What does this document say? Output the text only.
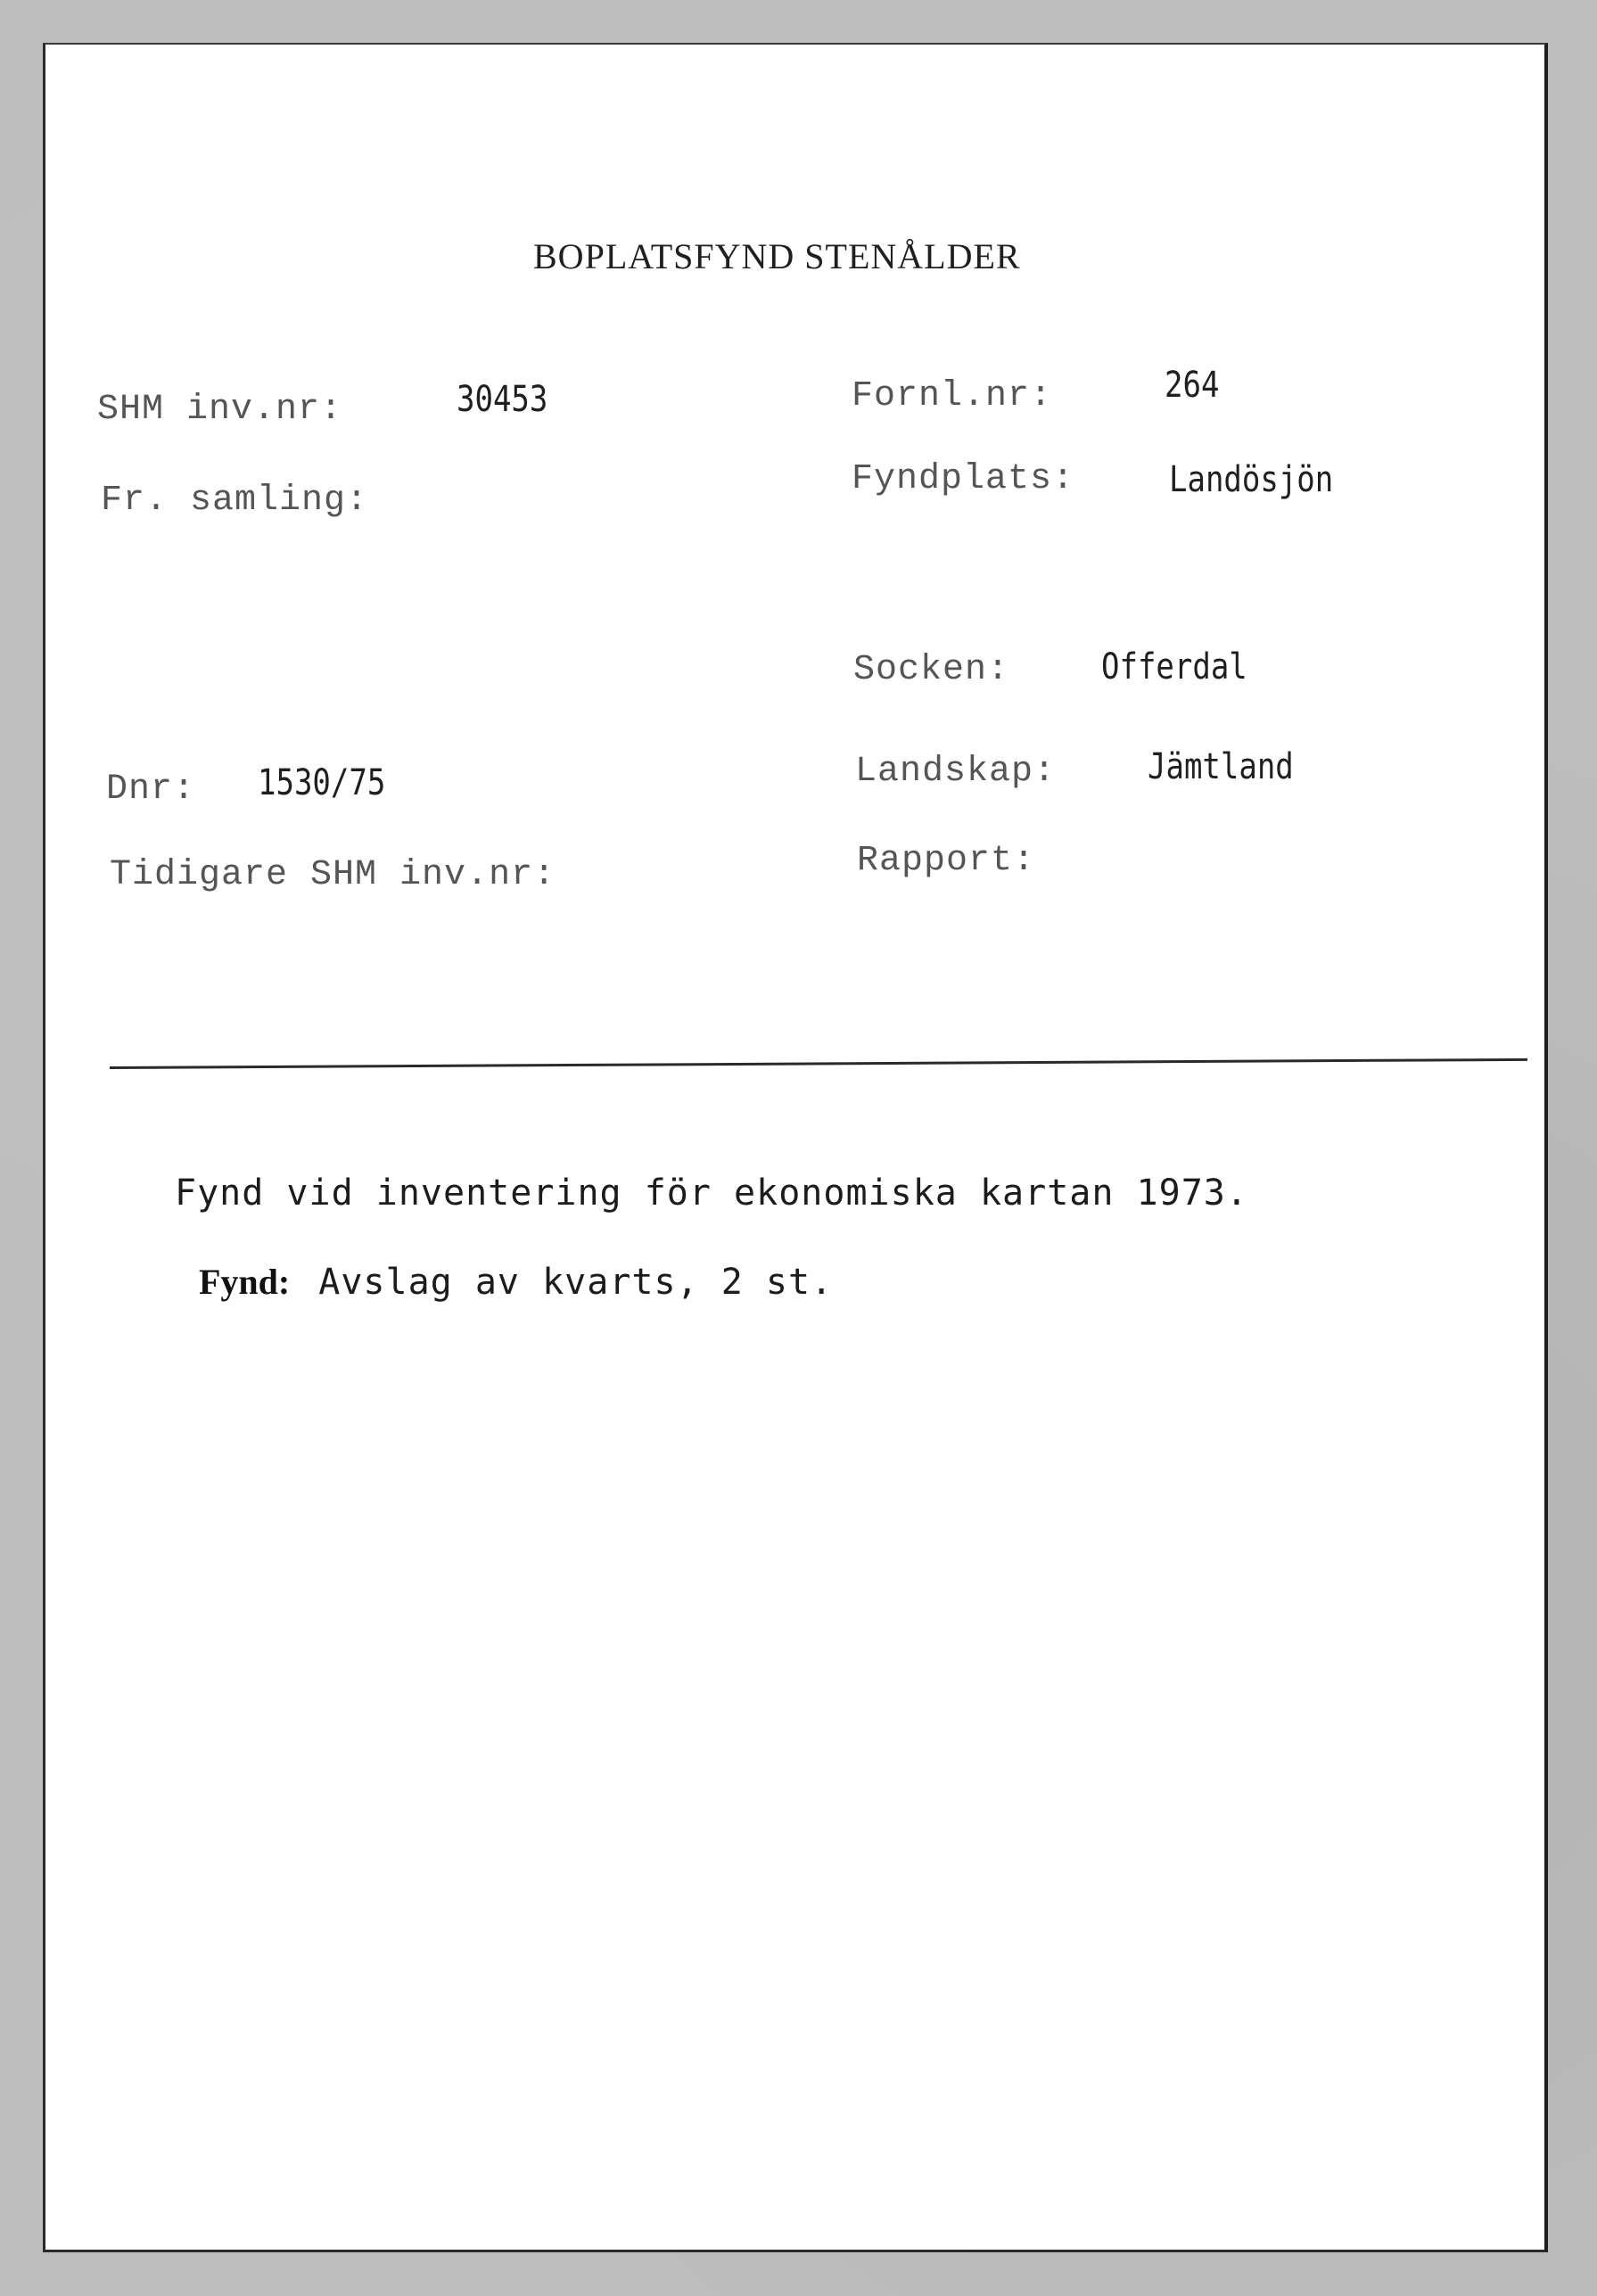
BOPLATSFYND STENÅLDER
SHM inv.nr:	30453
Fr. samling:
Dnr: 1530/75
Tidigare SHM inv.nr:
Fornl.nr:	264
Fyndplats:	Landösjön
Socken:	Offerdal
Landskap:	Jämtland
Rapport:
Fynd vid inventering för ekonomiska kartan 1973.
Fynd: Avslag av kvarts, 2 st.
